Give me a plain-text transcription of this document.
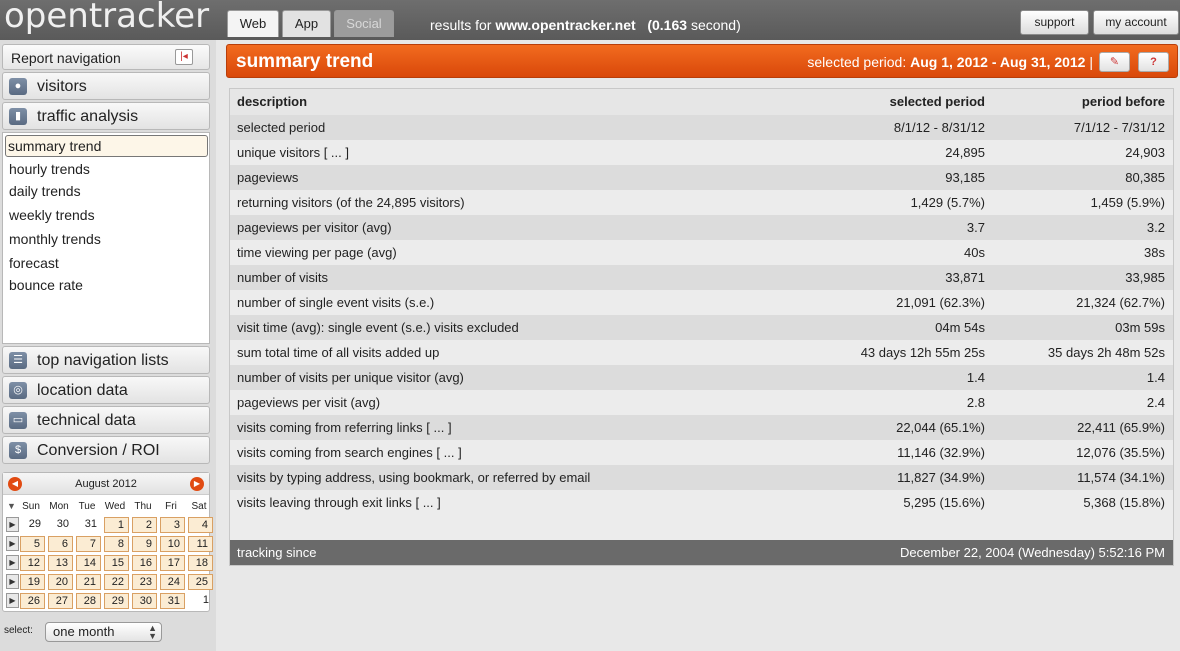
opentracker	Web	App	Social	results for www.opentracker.net (0.163 second)	support	my account
Report navigation	|◂
● visitors
▮ traffic analysis
summary trend
hourly trends
daily trends
weekly trends
monthly trends
forecast
bounce rate
☰ top navigation lists
◎ location data
▭ technical data
$ Conversion / ROI
◀	August 2012	▶
▼ Sun Mon Tue Wed Thu	Fri	Sat
▶	29	30	31	1	2	3	4
▶	5	6	7	8	9	10	11
▶	12	13	14	15	16	17	18
▶	19	20	21	22	23	24	25
▶	26	27	28	29	30	31	1
select:	one month	▲
▼
summary trend	selected period: Aug 1, 2012 - Aug 31, 2012 |	✎	?
description	selected period	period before
selected period	8/1/12 - 8/31/12	7/1/12 - 7/31/12
unique visitors [ ... ]	24,895	24,903
pageviews	93,185	80,385
returning visitors (of the 24,895 visitors)	1,429 (5.7%)	1,459 (5.9%)
pageviews per visitor (avg)	3.7	3.2
time viewing per page (avg)	40s	38s
number of visits	33,871	33,985
number of single event visits (s.e.)	21,091 (62.3%)	21,324 (62.7%)
visit time (avg): single event (s.e.) visits excluded	04m 54s	03m 59s
sum total time of all visits added up	43 days 12h 55m 25s	35 days 2h 48m 52s
number of visits per unique visitor (avg)	1.4	1.4
pageviews per visit (avg)	2.8	2.4
visits coming from referring links [ ... ]	22,044 (65.1%)	22,411 (65.9%)
visits coming from search engines [ ... ]	11,146 (32.9%)	12,076 (35.5%)
visits by typing address, using bookmark, or referred by email	11,827 (34.9%)	11,574 (34.1%)
visits leaving through exit links [ ... ]	5,295 (15.6%)	5,368 (15.8%)
tracking since	December 22, 2004 (Wednesday) 5:52:16 PM
